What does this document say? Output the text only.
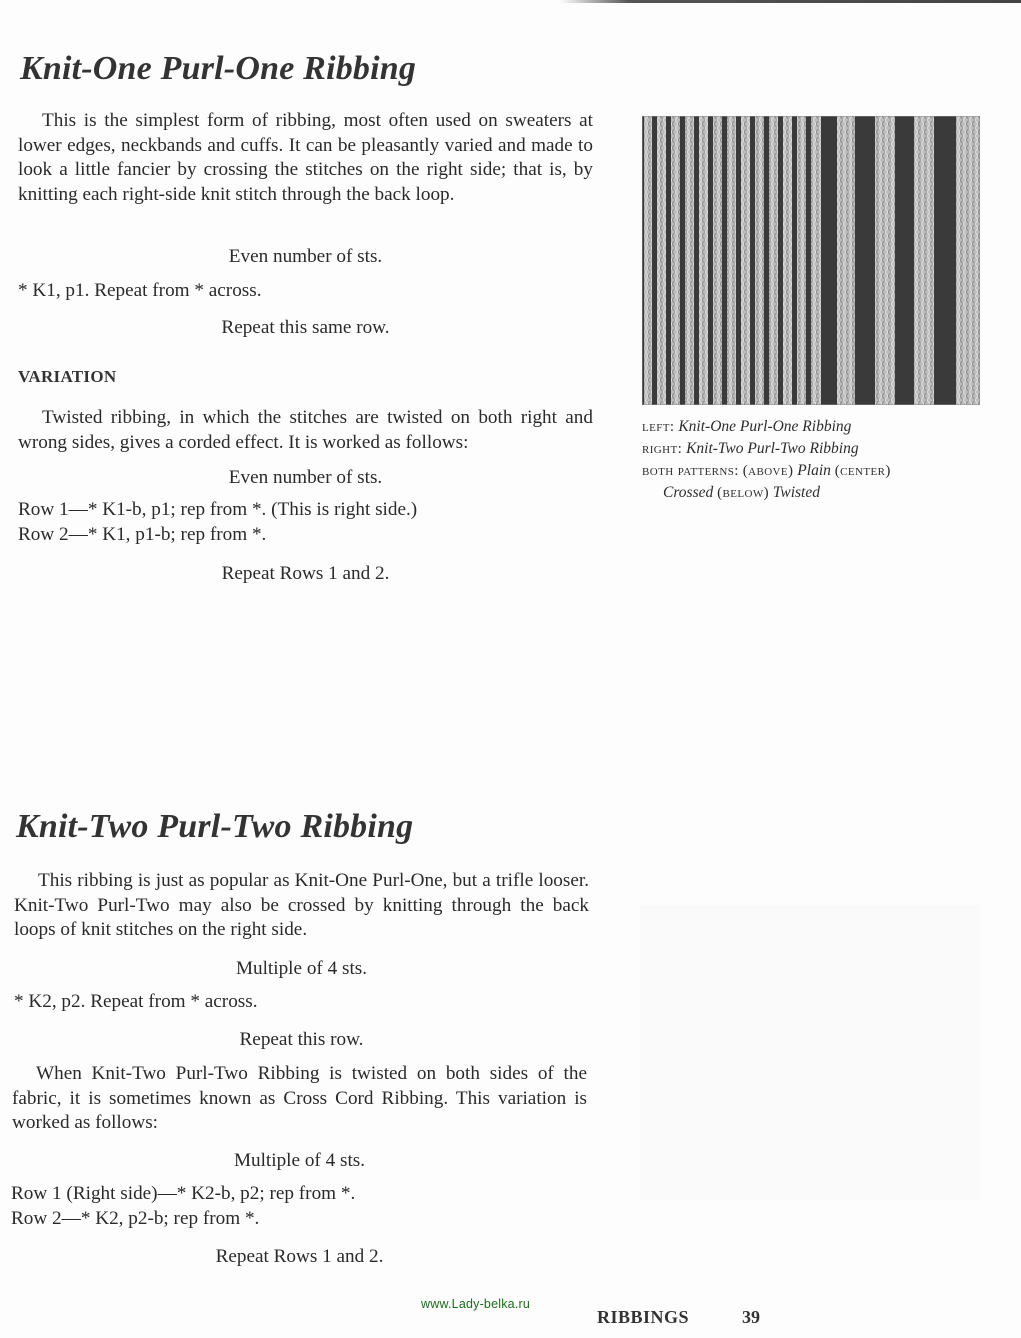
Knit-One Purl-One Ribbing

This is the simplest form of ribbing, most often used on sweaters at lower edges, neckbands and cuffs. It can be pleasantly varied and made to look a little fancier by crossing the stitches on the right side; that is, by knitting each right-side knit stitch through the back loop.

Even number of sts.
* K1, p1. Repeat from * across.
Repeat this same row.
VARIATION

Twisted ribbing, in which the stitches are twisted on both right and wrong sides, gives a corded effect. It is worked as follows:

Even number of sts.
Row 1—* K1-b, p1; rep from *. (This is right side.)
Row 2—* K1, p1-b; rep from *.
Repeat Rows 1 and 2.
left: Knit-One Purl-One Ribbing
right: Knit-Two Purl-Two Ribbing
both patterns: (above) Plain (center)
Crossed (below) Twisted
Knit-Two Purl-Two Ribbing

This ribbing is just as popular as Knit-One Purl-One, but a trifle looser. Knit-Two Purl-Two may also be crossed by knitting through the back loops of knit stitches on the right side.

Multiple of 4 sts.
* K2, p2. Repeat from * across.
Repeat this row.

When Knit-Two Purl-Two Ribbing is twisted on both sides of the fabric, it is sometimes known as Cross Cord Ribbing. This variation is worked as follows:

Multiple of 4 sts.
Row 1 (Right side)—* K2-b, p2; rep from *.
Row 2—* K2, p2-b; rep from *.
Repeat Rows 1 and 2.
www.Lady-belka.ru
RIBBINGS	39
